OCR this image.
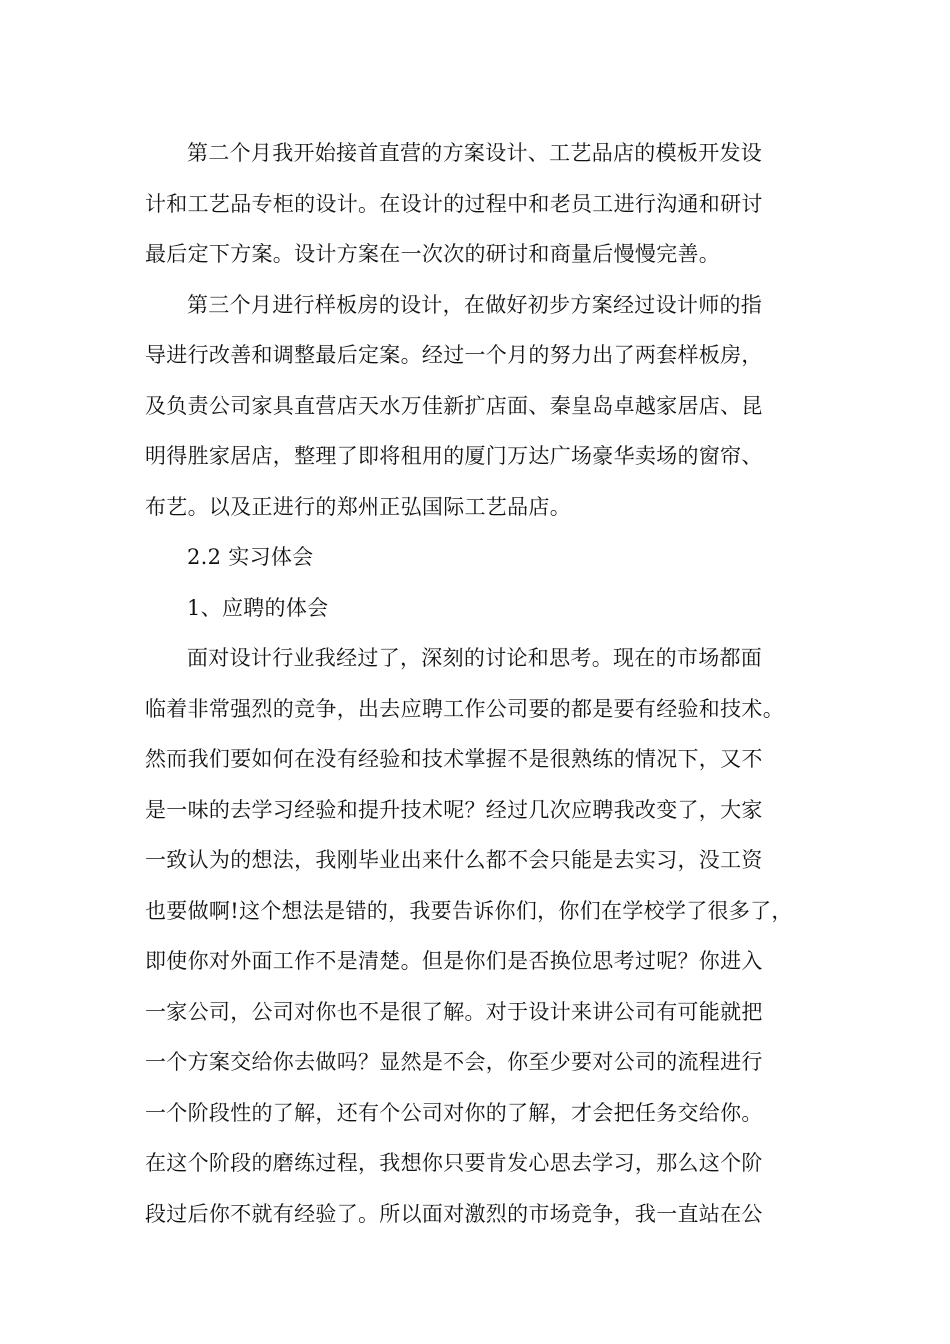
第二个月我开始接首直营的方案设计、工艺品店的模板开发设
计和工艺品专柜的设计。在设计的过程中和老员工进行沟通和研讨
最后定下方案。设计方案在一次次的研讨和商量后慢慢完善。

第三个月进行样板房的设计，在做好初步方案经过设计师的指
导进行改善和调整最后定案。经过一个月的努力出了两套样板房，
及负责公司家具直营店天水万佳新扩店面、秦皇岛卓越家居店、昆
明得胜家居店，整理了即将租用的厦门万达广场豪华卖场的窗帘、
布艺。以及正进行的郑州正弘国际工艺品店。

2.2 实习体会

1、应聘的体会

面对设计行业我经过了，深刻的讨论和思考。现在的市场都面
临着非常强烈的竞争，出去应聘工作公司要的都是要有经验和技术。
然而我们要如何在没有经验和技术掌握不是很熟练的情况下，又不
是一味的去学习经验和提升技术呢？经过几次应聘我改变了，大家
一致认为的想法，我刚毕业出来什么都不会只能是去实习，没工资
也要做啊!这个想法是错的，我要告诉你们，你们在学校学了很多了，
即使你对外面工作不是清楚。但是你们是否换位思考过呢？你进入
一家公司，公司对你也不是很了解。对于设计来讲公司有可能就把
一个方案交给你去做吗？显然是不会，你至少要对公司的流程进行
一个阶段性的了解，还有个公司对你的了解，才会把任务交给你。
在这个阶段的磨练过程，我想你只要肯发心思去学习，那么这个阶
段过后你不就有经验了。所以面对激烈的市场竞争，我一直站在公
